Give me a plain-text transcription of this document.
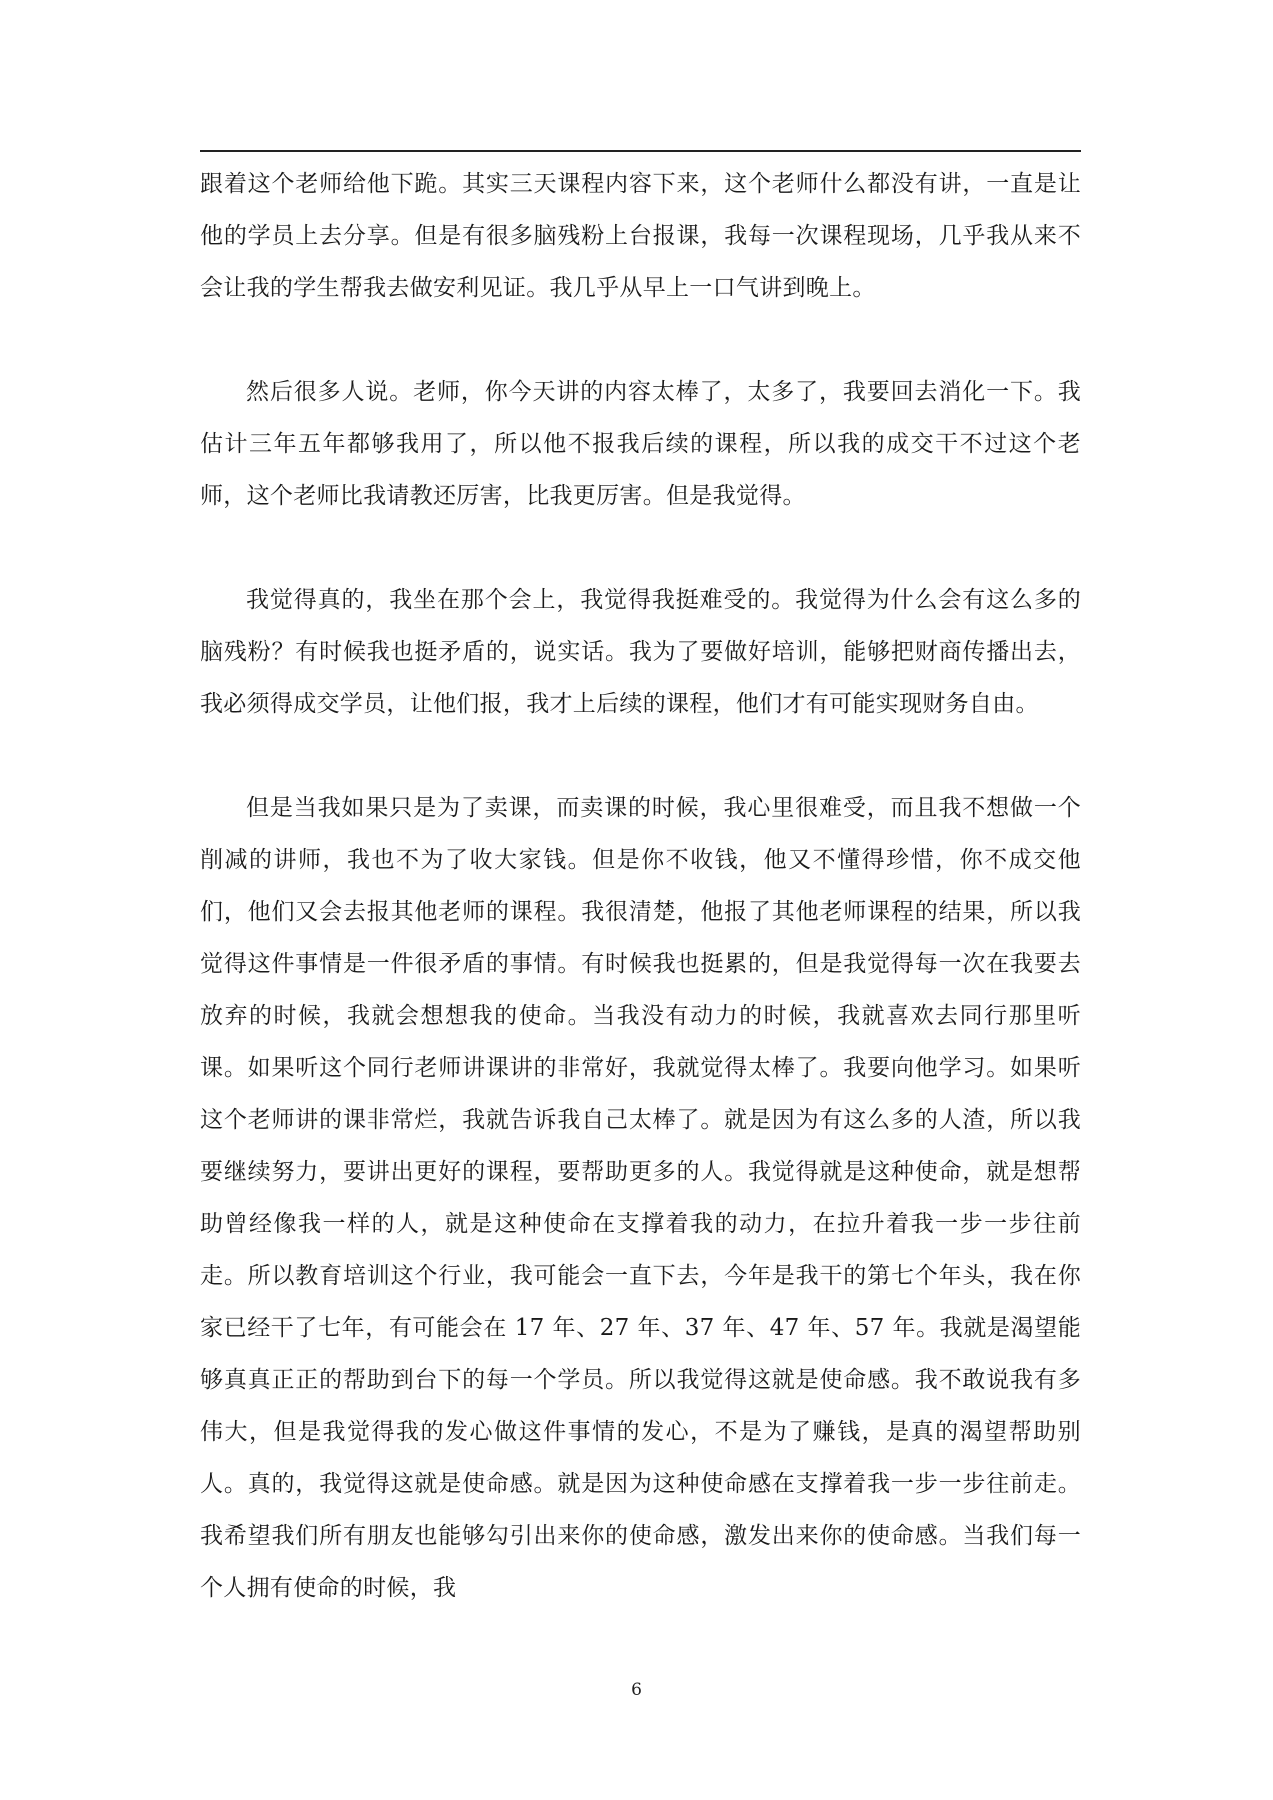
跟着这个老师给他下跪。其实三天课程内容下来，这个老师什么都没有讲，一直是让他的学员上去分享。但是有很多脑残粉上台报课，我每一次课程现场，几乎我从来不会让我的学生帮我去做安利见证。我几乎从早上一口气讲到晚上。

然后很多人说。老师，你今天讲的内容太棒了，太多了，我要回去消化一下。我估计三年五年都够我用了，所以他不报我后续的课程，所以我的成交干不过这个老师，这个老师比我请教还厉害，比我更厉害。但是我觉得。

我觉得真的，我坐在那个会上，我觉得我挺难受的。我觉得为什么会有这么多的脑残粉？有时候我也挺矛盾的，说实话。我为了要做好培训，能够把财商传播出去，我必须得成交学员，让他们报，我才上后续的课程，他们才有可能实现财务自由。

但是当我如果只是为了卖课，而卖课的时候，我心里很难受，而且我不想做一个削减的讲师，我也不为了收大家钱。但是你不收钱，他又不懂得珍惜，你不成交他们，他们又会去报其他老师的课程。我很清楚，他报了其他老师课程的结果，所以我觉得这件事情是一件很矛盾的事情。有时候我也挺累的，但是我觉得每一次在我要去放弃的时候，我就会想想我的使命。当我没有动力的时候，我就喜欢去同行那里听课。如果听这个同行老师讲课讲的非常好，我就觉得太棒了。我要向他学习。如果听这个老师讲的课非常烂，我就告诉我自己太棒了。就是因为有这么多的人渣，所以我要继续努力，要讲出更好的课程，要帮助更多的人。我觉得就是这种使命，就是想帮助曾经像我一样的人，就是这种使命在支撑着我的动力，在拉升着我一步一步往前走。所以教育培训这个行业，我可能会一直下去，今年是我干的第七个年头，我在你家已经干了七年，有可能会在 17 年、27 年、37 年、47 年、57 年。我就是渴望能够真真正正的帮助到台下的每一个学员。所以我觉得这就是使命感。我不敢说我有多伟大，但是我觉得我的发心做这件事情的发心，不是为了赚钱，是真的渴望帮助别人。真的，我觉得这就是使命感。就是因为这种使命感在支撑着我一步一步往前走。我希望我们所有朋友也能够勾引出来你的使命感，激发出来你的使命感。当我们每一个人拥有使命的时候，我

6
